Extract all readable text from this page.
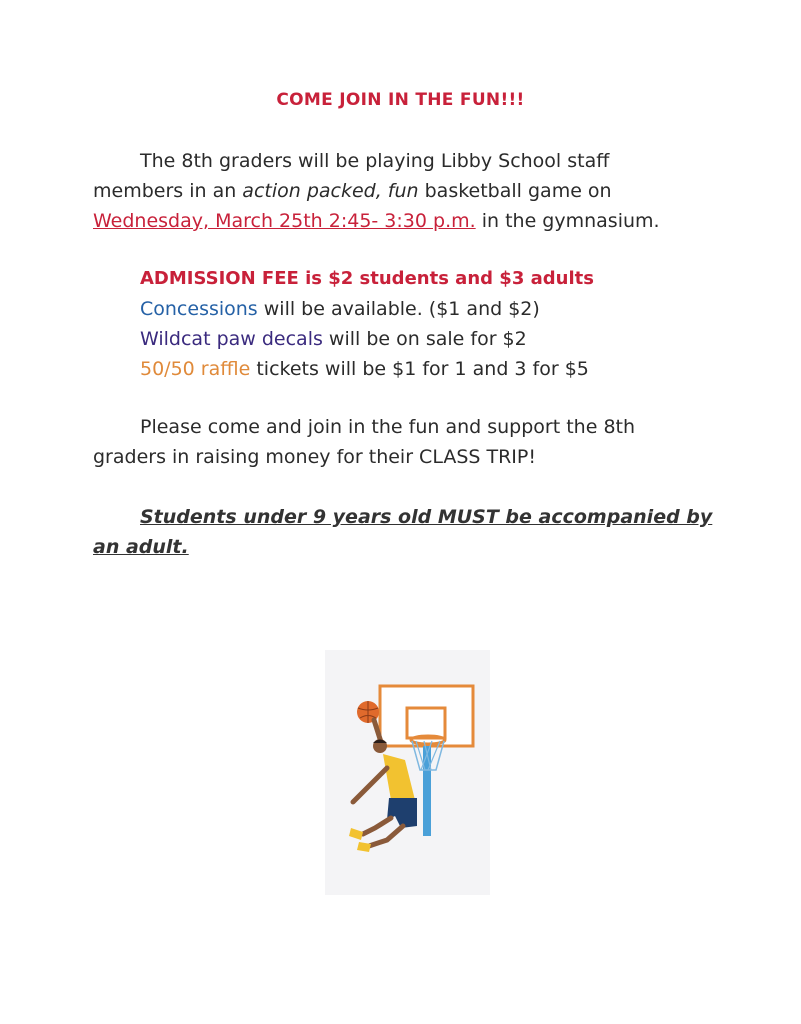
COME JOIN IN THE FUN!!!
The 8th graders will be playing Libby School staff members in an action packed, fun basketball game on Wednesday, March 25th 2:45- 3:30 p.m. in the gymnasium.
ADMISSION FEE is $2 students and $3 adults
Concessions will be available. ($1 and $2)
Wildcat paw decals will be on sale for $2
50/50 raffle tickets will be $1 for 1 and 3 for $5
Please come and join in the fun and support the 8th graders in raising money for their CLASS TRIP!
Students under 9 years old MUST be accompanied by an adult.
